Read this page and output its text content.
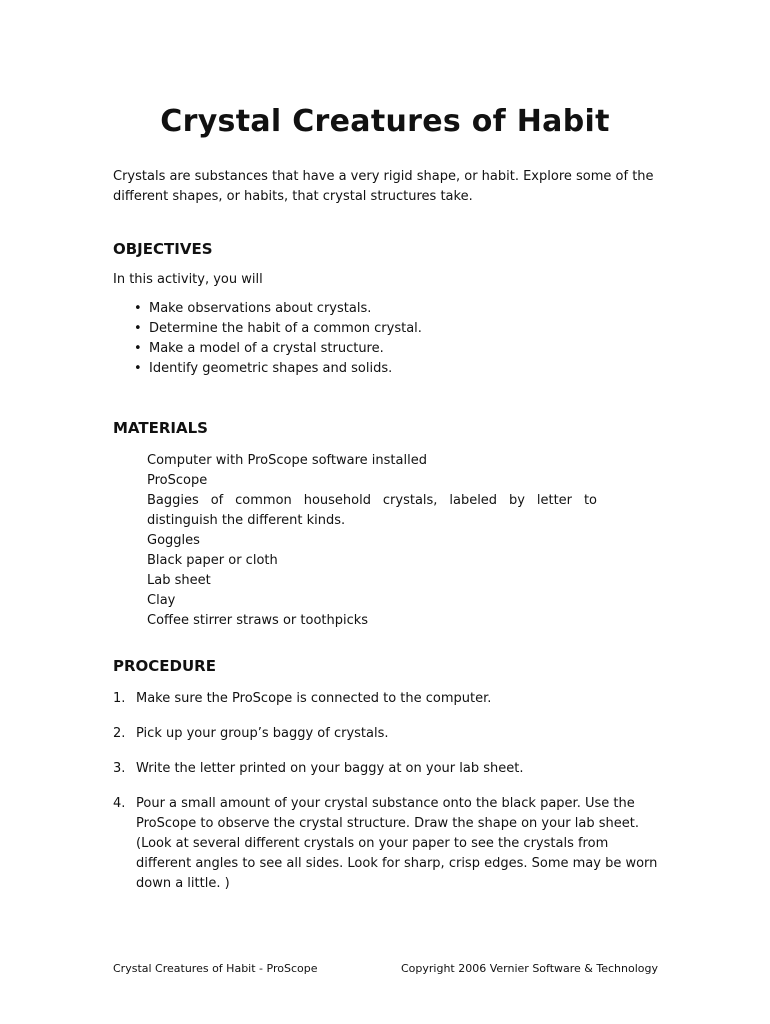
Crystal Creatures of Habit
Crystals are substances that have a very rigid shape, or habit. Explore some of the different shapes, or habits, that crystal structures take.
OBJECTIVES
In this activity, you will
• Make observations about crystals.
• Determine the habit of a common crystal.
• Make a model of a crystal structure.
• Identify geometric shapes and solids.
MATERIALS
Computer with ProScope software installed
ProScope
Baggies of common household crystals, labeled by letter to distinguish the different kinds.
Goggles
Black paper or cloth
Lab sheet
Clay
Coffee stirrer straws or toothpicks
PROCEDURE
1. Make sure the ProScope is connected to the computer.
2. Pick up your group’s baggy of crystals.
3. Write the letter printed on your baggy at on your lab sheet.
4. Pour a small amount of your crystal substance onto the black paper. Use the ProScope to observe the crystal structure. Draw the shape on your lab sheet. (Look at several different crystals on your paper to see the crystals from different angles to see all sides. Look for sharp, crisp edges. Some may be worn down a little. )
Crystal Creatures of Habit - ProScope	Copyright 2006 Vernier Software & Technology
